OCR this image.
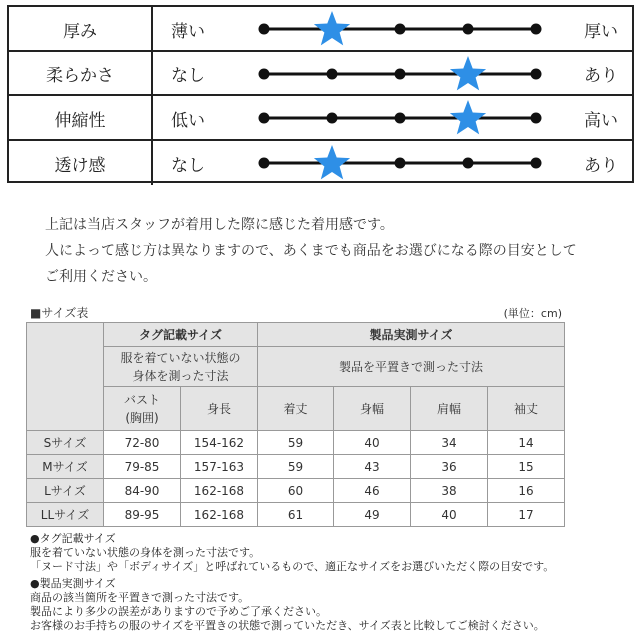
厚み	薄い	厚い
柔らかさ	なし	あり
伸縮性	低い	高い
透け感	なし	あり
上記は当店スタッフが着用した際に感じた着用感です。
人によって感じ方は異なりますので、あくまでも商品をお選びになる際の目安として
ご利用ください。
■サイズ表	(単位：cm)
	タグ記載サイズ		製品実測サイズ			
	服を着ていない状態の
身体を測った寸法		製品を平置きで測った寸法			
	バスト
(胸囲)	身長	着丈	身幅	肩幅	袖丈
Sサイズ	72-80	154-162	59	40	34	14
Mサイズ	79-85	157-163	59	43	36	15
Lサイズ	84-90	162-168	60	46	38	16
LLサイズ	89-95	162-168	61	49	40	17
●タグ記載サイズ
服を着ていない状態の身体を測った寸法です。
「ヌード寸法」や「ボディサイズ」と呼ばれているもので、適正なサイズをお選びいただく際の目安です。
●製品実測サイズ
商品の該当箇所を平置きで測った寸法です。
製品により多少の誤差がありますので予めご了承ください。
お客様のお手持ちの服のサイズを平置きの状態で測っていただき、サイズ表と比較してご検討ください。
